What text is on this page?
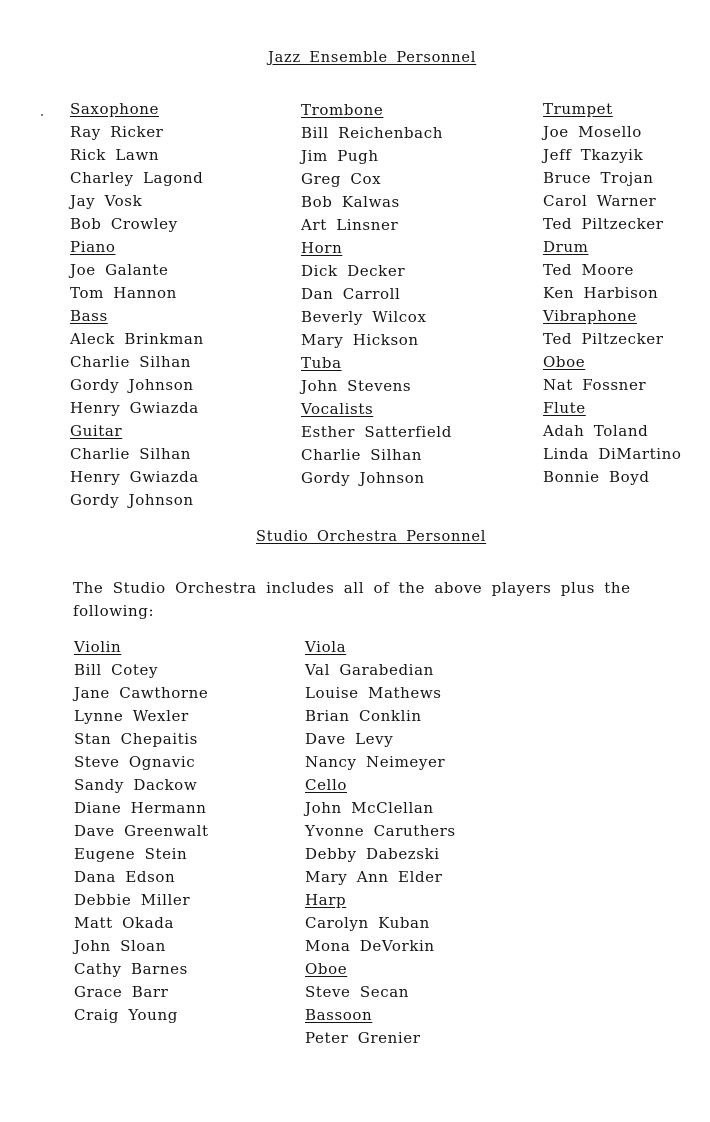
Jazz Ensemble Personnel
Saxophone
Ray Ricker
Rick Lawn
Charley Lagond
Jay Vosk
Bob Crowley
Piano
Joe Galante
Tom Hannon
Bass
Aleck Brinkman
Charlie Silhan
Gordy Johnson
Henry Gwiazda
Guitar
Charlie Silhan
Henry Gwiazda
Gordy Johnson
Trombone
Bill Reichenbach
Jim Pugh
Greg Cox
Bob Kalwas
Art Linsner
Horn
Dick Decker
Dan Carroll
Beverly Wilcox
Mary Hickson
Tuba
John Stevens
Vocalists
Esther Satterfield
Charlie Silhan
Gordy Johnson
Trumpet
Joe Mosello
Jeff Tkazyik
Bruce Trojan
Carol Warner
Ted Piltzecker
Drum
Ted Moore
Ken Harbison
Vibraphone
Ted Piltzecker
Oboe
Nat Fossner
Flute
Adah Toland
Linda DiMartino
Bonnie Boyd
Studio Orchestra Personnel
The Studio Orchestra includes all of the above players plus the following:
Violin
Bill Cotey
Jane Cawthorne
Lynne Wexler
Stan Chepaitis
Steve Ognavic
Sandy Dackow
Diane Hermann
Dave Greenwalt
Eugene Stein
Dana Edson
Debbie Miller
Matt Okada
John Sloan
Cathy Barnes
Grace Barr
Craig Young
Viola
Val Garabedian
Louise Mathews
Brian Conklin
Dave Levy
Nancy Neimeyer
Cello
John McClellan
Yvonne Caruthers
Debby Dabezski
Mary Ann Elder
Harp
Carolyn Kuban
Mona DeVorkin
Oboe
Steve Secan
Bassoon
Peter Grenier
